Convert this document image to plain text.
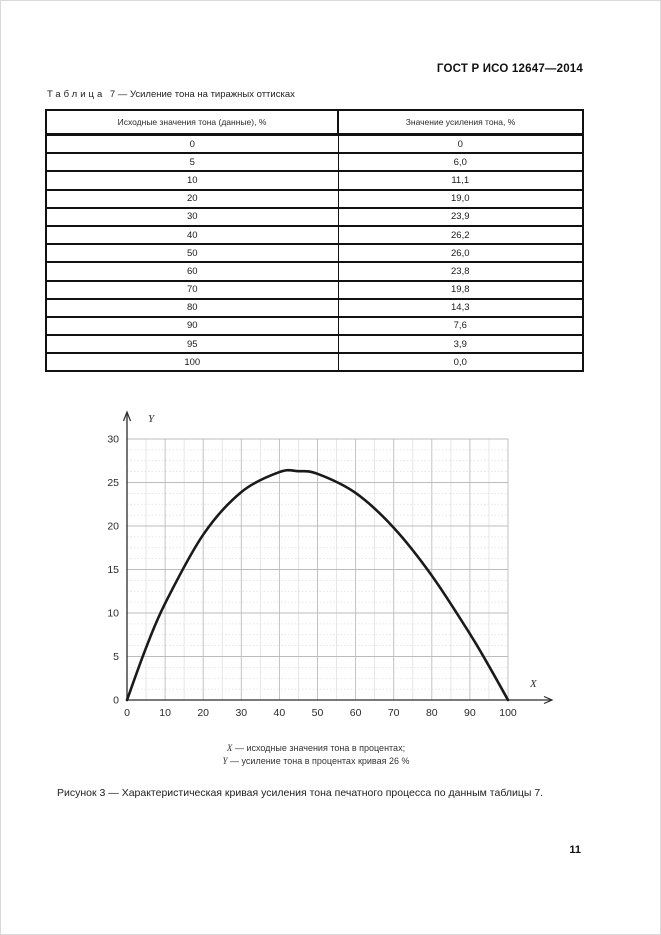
ГОСТ Р ИСО 12647—2014
Таблица 7 — Усиление тона на тиражных оттисках
Исходные значения тона (данные), %	Значение усиления тона, %
0	0
5	6,0
10	11,1
20	19,0
30	23,9
40	26,2
50	26,0
60	23,8
70	19,8
80	14,3
90	7,6
95	3,9
100	0,0
0
5
10
15
20
25
30
0	10	20	30	40	50	60	70	80	90 100
Y
X
X — исходные значения тона в процентах;
Y — усиление тона в процентах кривая 26 %
Рисунок 3 — Характеристическая кривая усиления тона печатного процесса по данным таблицы 7.
11
